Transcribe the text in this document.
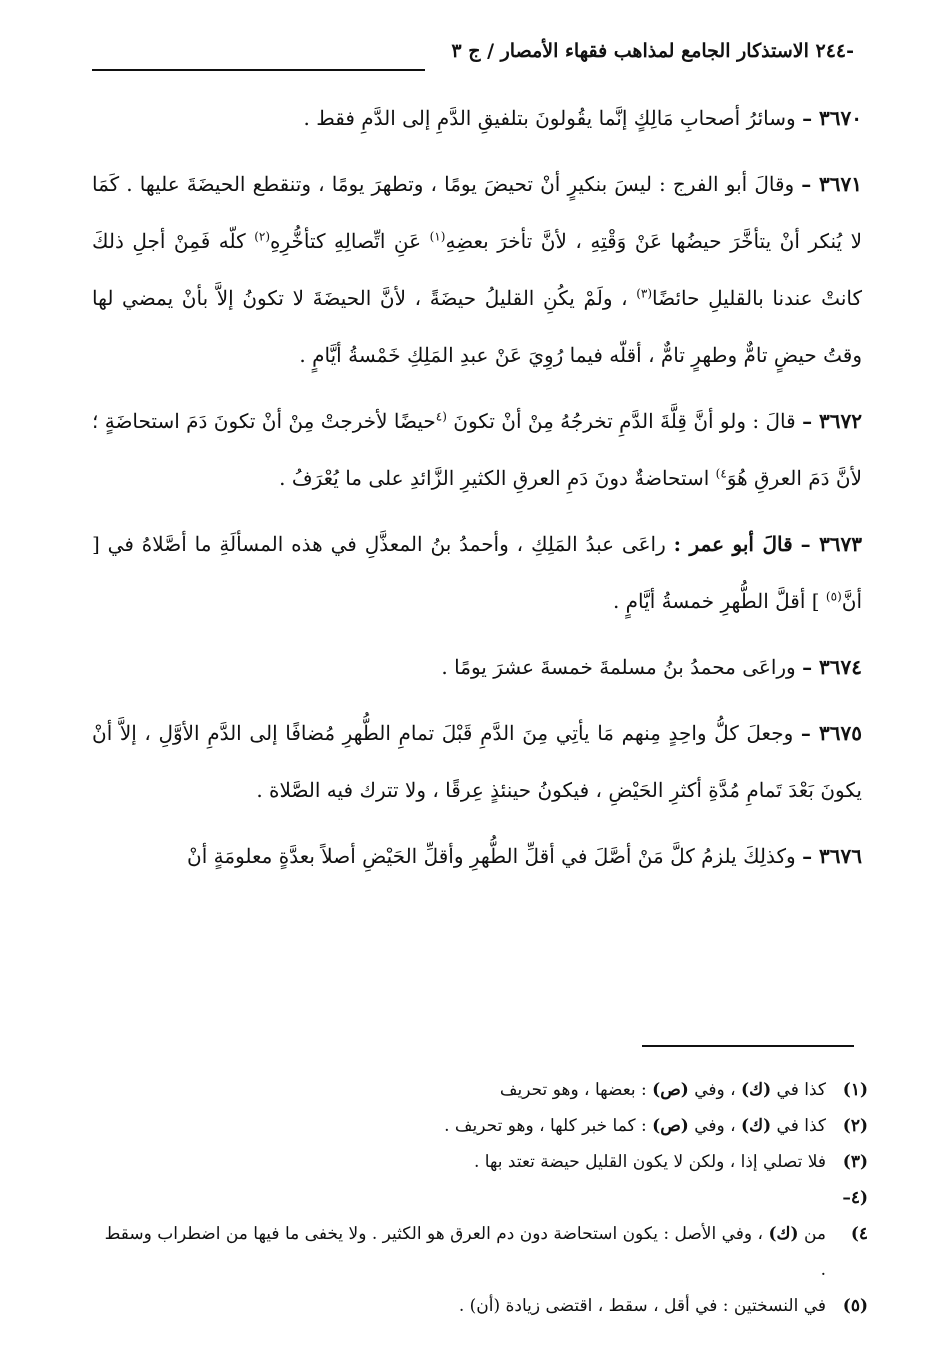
-٢٤٤ الاستذكار الجامع لمذاهب فقهاء الأمصار / ج ٣

٣٦٧٠ – وسائرُ أصحابِ مَالِكٍ إنَّما يقُولونَ بتلفيقِ الدَّمِ إلى الدَّمِ فقط .

٣٦٧١ – وقالَ أبو الفرج : ليسَ بنكيرٍ أنْ تحيضَ يومًا ، وتطهرَ يومًا ، وتنقطع الحيضَةَ عليها . كَمَا لا يُنكر أنْ يتأخَّرَ حيضُها عَنْ وَقْتِهِ ، لأنَّ تأخرَ بعضِهِ$^{(١)}$ عَنِ اتِّصالِهِ كتأخُّرِهِ$^{(٢)}$ كلّه فَمِنْ أجلِ ذلكَ كانتْ عندنا بالقليلِ حائضًا$^{(٣)}$ ، ولَمْ يكُنِ القليلُ حيضَةً ، لأنَّ الحيضَةَ لا تكونُ إلاَّ بأنْ يمضي لها وقتُ حيضٍ تامٌّ وطهرٍ تامٌّ ، أقلّه فيما رُوِيَ عَنْ عبدِ المَلِكِ خَمْسةُ أيَّامٍ .

٣٦٧٢ – قالَ : ولو أنَّ قِلَّةَ الدَّمِ تخرجُهُ مِنْ أنْ تكونَ $^{(٤}$حيضًا لأخرجتْ مِنْ أنْ تكونَ دَمَ استحاضَةٍ ؛ لأنَّ دَمَ العرقِ هُوَ$^{٤)}$ استحاضةٌ دونَ دَمِ العرقِ الكثيرِ الزَّائدِ على ما يُعْرَفُ .

٣٦٧٣ – قالَ أبو عمر : راعَى عبدُ المَلِكِ ، وأحمدُ بنُ المعذَّلِ في هذه المسألَةِ ما أصَّلاهُ في [ أنَّ$^{(٥)}$ ] أقلَّ الطُّهرِ خمسةُ أيَّامٍ .

٣٦٧٤ – وراعَى محمدُ بنُ مسلمةَ خمسةَ عشرَ يومًا .

٣٦٧٥ – وجعلَ كلُّ واحِدٍ مِنهم مَا يأتِي مِنَ الدَّمِ قَبْلَ تمامِ الطُّهرِ مُضافًا إلى الدَّمِ الأوَّلِ ، إلاَّ أنْ يكونَ بَعْدَ تَمامِ مُدَّةِ أكثرِ الحَيْضِ ، فيكونُ حينئذٍ عِرقًا ، ولا تترك فيه الصَّلاة .

٣٦٧٦ – وكذلِكَ يلزمُ كلَّ مَنْ أصَّلَ في أقلِّ الطُّهرِ وأقلِّ الحَيْضِ أصلاً بعدَّةٍ معلومَةٍ أنْ

(١)كذا في (ك) ، وفي (ص) : بعضها ، وهو تحريف

(٢)كذا في (ك) ، وفي (ص) : كما خبر كلها ، وهو تحريف .

(٣)فلا تصلي إذا ، ولكن لا يكون القليل حيضة تعتد بها .

(٤–٤)من (ك) ، وفي الأصل : يكون استحاضة دون دم العرق هو الكثير . ولا يخفى ما فيها من اضطراب وسقط .

(٥)في النسختين : في أقل ، سقط ، اقتضى زيادة (أن) .
